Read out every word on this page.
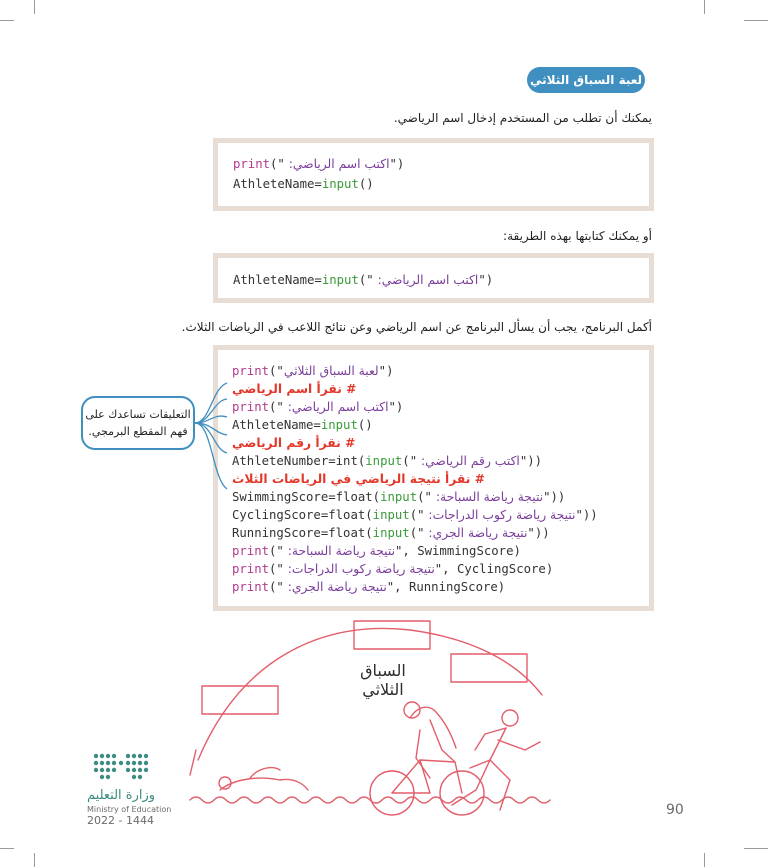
لعبة السباق الثلاثي
يمكنك أن تطلب من المستخدم إدخال اسم الرياضي.
print("اكتب اسم الرياضي: ")
AthleteName=input()
أو يمكنك كتابتها بهذه الطريقة:
AthleteName=input("اكتب اسم الرياضي: ")
أكمل البرنامج، يجب أن يسأل البرنامج عن اسم الرياضي وعن نتائج اللاعب في الرياضات الثلاث.
print("لعبة السباق الثلاثي")
# نقرأ اسم الرياضي
print("اكتب اسم الرياضي: ")
AthleteName=input()
# نقرأ رقم الرياضي
AthleteNumber=int(input("اكتب رقم الرياضي: "))
# نقرأ نتيجة الرياضي في الرياضات الثلاث
SwimmingScore=float(input("نتيجة رياضة السباحة: "))
CyclingScore=float(input("نتيجة رياضة ركوب الدراجات: "))
RunningScore=float(input("نتيجة رياضة الجري: "))
print("نتيجة رياضة السباحة: ", SwimmingScore)
print("نتيجة رياضة ركوب الدراجات: ", CyclingScore)
print("نتيجة رياضة الجري: ", RunningScore)
التعليقات تساعدك على
فهم المقطع البرمجي.
السباق الثلاثي
وزارة التعليم
Ministry of Education
2022 - 1444
90
